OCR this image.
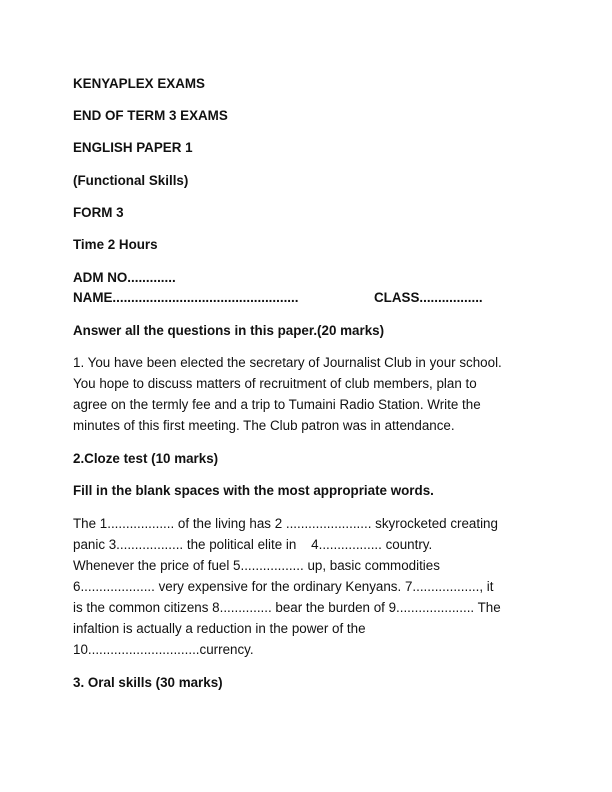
KENYAPLEX EXAMS
END OF TERM 3 EXAMS
ENGLISH PAPER 1
(Functional Skills)
FORM 3
Time 2 Hours
ADM NO.............
NAME..................................................	CLASS.................
Answer all the questions in this paper.(20 marks)
1. You have been elected the secretary of Journalist Club in your school.
You hope to discuss matters of recruitment of club members, plan to
agree on the termly fee and a trip to Tumaini Radio Station. Write the
minutes of this first meeting. The Club patron was in attendance.
2.Cloze test (10 marks)
Fill in the blank spaces with the most appropriate words.
The 1.................. of the living has 2 ....................... skyrocketed creating
panic 3.................. the political elite in    4................. country.
Whenever the price of fuel 5................. up, basic commodities
6.................... very expensive for the ordinary Kenyans. 7.................., it
is the common citizens 8.............. bear the burden of 9..................... The
infaltion is actually a reduction in the power of the
10..............................currency.
3. Oral skills (30 marks)
